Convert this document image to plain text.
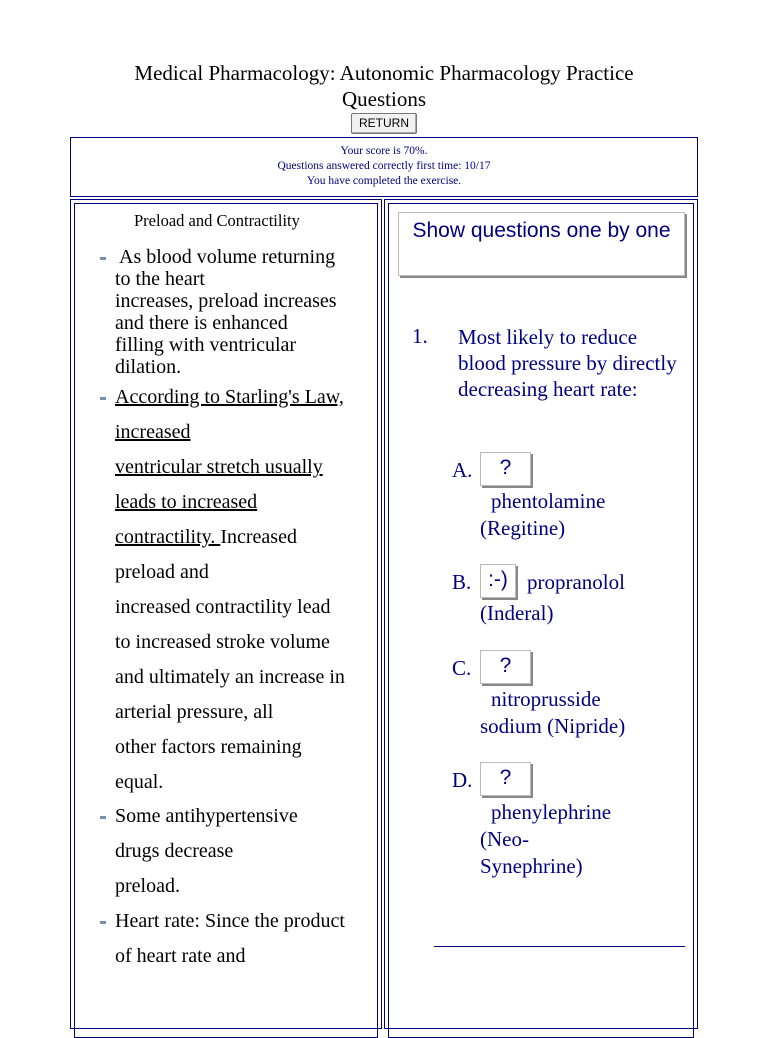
Medical Pharmacology: Autonomic Pharmacology Practice
Questions
RETURN
Your score is 70%.
Questions answered correctly first time: 10/17
You have completed the exercise.
Preload and Contractility
As blood volume returning
to the heart
increases, preload increases
and there is enhanced
filling with ventricular
dilation.
According to Starling's Law,
increased
ventricular stretch usually
leads to increased
contractility. Increased
preload and
increased contractility lead
to increased stroke volume
and ultimately an increase in
arterial pressure, all
other factors remaining
equal.
Some antihypertensive
drugs decrease
preload.
Heart rate: Since the product
of heart rate and
Show questions one by one
1. Most likely to reduce blood pressure by directly decreasing heart rate:
A.	?
phentolamine
(Regitine)
B. :-) propranolol
(Inderal)
C.	?
nitroprusside
sodium (Nipride)
D.	?
phenylephrine
(Neo-
Synephrine)
